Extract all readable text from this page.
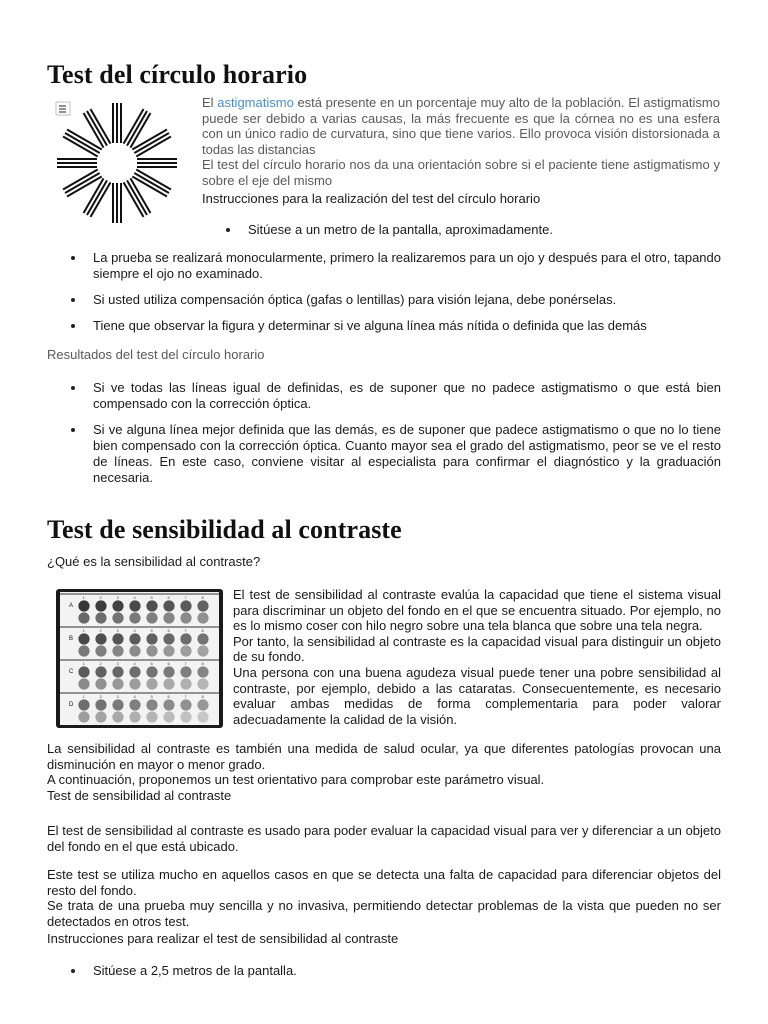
Test del círculo horario

El astigmatismo está presente en un porcentaje muy alto de la población. El astigmatismo puede ser debido a varias causas, la más frecuente es que la córnea no es una esfera con un único radio de curvatura, sino que tiene varios. Ello provoca visión distorsionada a todas las distancias

El test del círculo horario nos da una orientación sobre si el paciente tiene astigmatismo y sobre el eje del mismo

Instrucciones para la realización del test del círculo horario

Sitúese a un metro de la pantalla, aproximadamente.
La prueba se realizará monocularmente, primero la realizaremos para un ojo y después para el otro, tapando siempre el ojo no examinado.
Si usted utiliza compensación óptica (gafas o lentillas) para visión lejana, debe ponérselas.
Tiene que observar la figura y determinar si ve alguna línea más nítida o definida que las demás

Resultados del test del círculo horario

Si ve todas las líneas igual de definidas, es de suponer que no padece astigmatismo o que está bien compensado con la corrección óptica.
Si ve alguna línea mejor definida que las demás, es de suponer que padece astigmatismo o que no lo tiene bien compensado con la corrección óptica. Cuanto mayor sea el grado del astigmatismo, peor se ve el resto de líneas. En este caso, conviene visitar al especialista para confirmar el diagnóstico y la graduación necesaria.
Test de sensibilidad al contraste

¿Qué es la sensibilidad al contraste?

A
1	2	3	4	5	6	7	8
B
1	2	3	4	5	6	7	8
C
1	2	3	4	5	6	7	8
D
1	2	3	4	5	6	7	8

El test de sensibilidad al contraste evalúa la capacidad que tiene el sistema visual para discriminar un objeto del fondo en el que se encuentra situado. Por ejemplo, no es lo mismo coser con hilo negro sobre una tela blanca que sobre una tela negra.

Por tanto, la sensibilidad al contraste es la capacidad visual para distinguir un objeto de su fondo.

Una persona con una buena agudeza visual puede tener una pobre sensibilidad al contraste, por ejemplo, debido a las cataratas. Consecuentemente, es necesario evaluar ambas medidas de forma complementaria para poder valorar adecuadamente la calidad de la visión.

La sensibilidad al contraste es también una medida de salud ocular, ya que diferentes patologías provocan una disminución en mayor o menor grado.

A continuación, proponemos un test orientativo para comprobar este parámetro visual.

Test de sensibilidad al contraste

El test de sensibilidad al contraste es usado para poder evaluar la capacidad visual para ver y diferenciar a un objeto del fondo en el que está ubicado.

Este test se utiliza mucho en aquellos casos en que se detecta una falta de capacidad para diferenciar objetos del resto del fondo.

Se trata de una prueba muy sencilla y no invasiva, permitiendo detectar problemas de la vista que pueden no ser detectados en otros test.

Instrucciones para realizar el test de sensibilidad al contraste

Sitúese a 2,5 metros de la pantalla.
